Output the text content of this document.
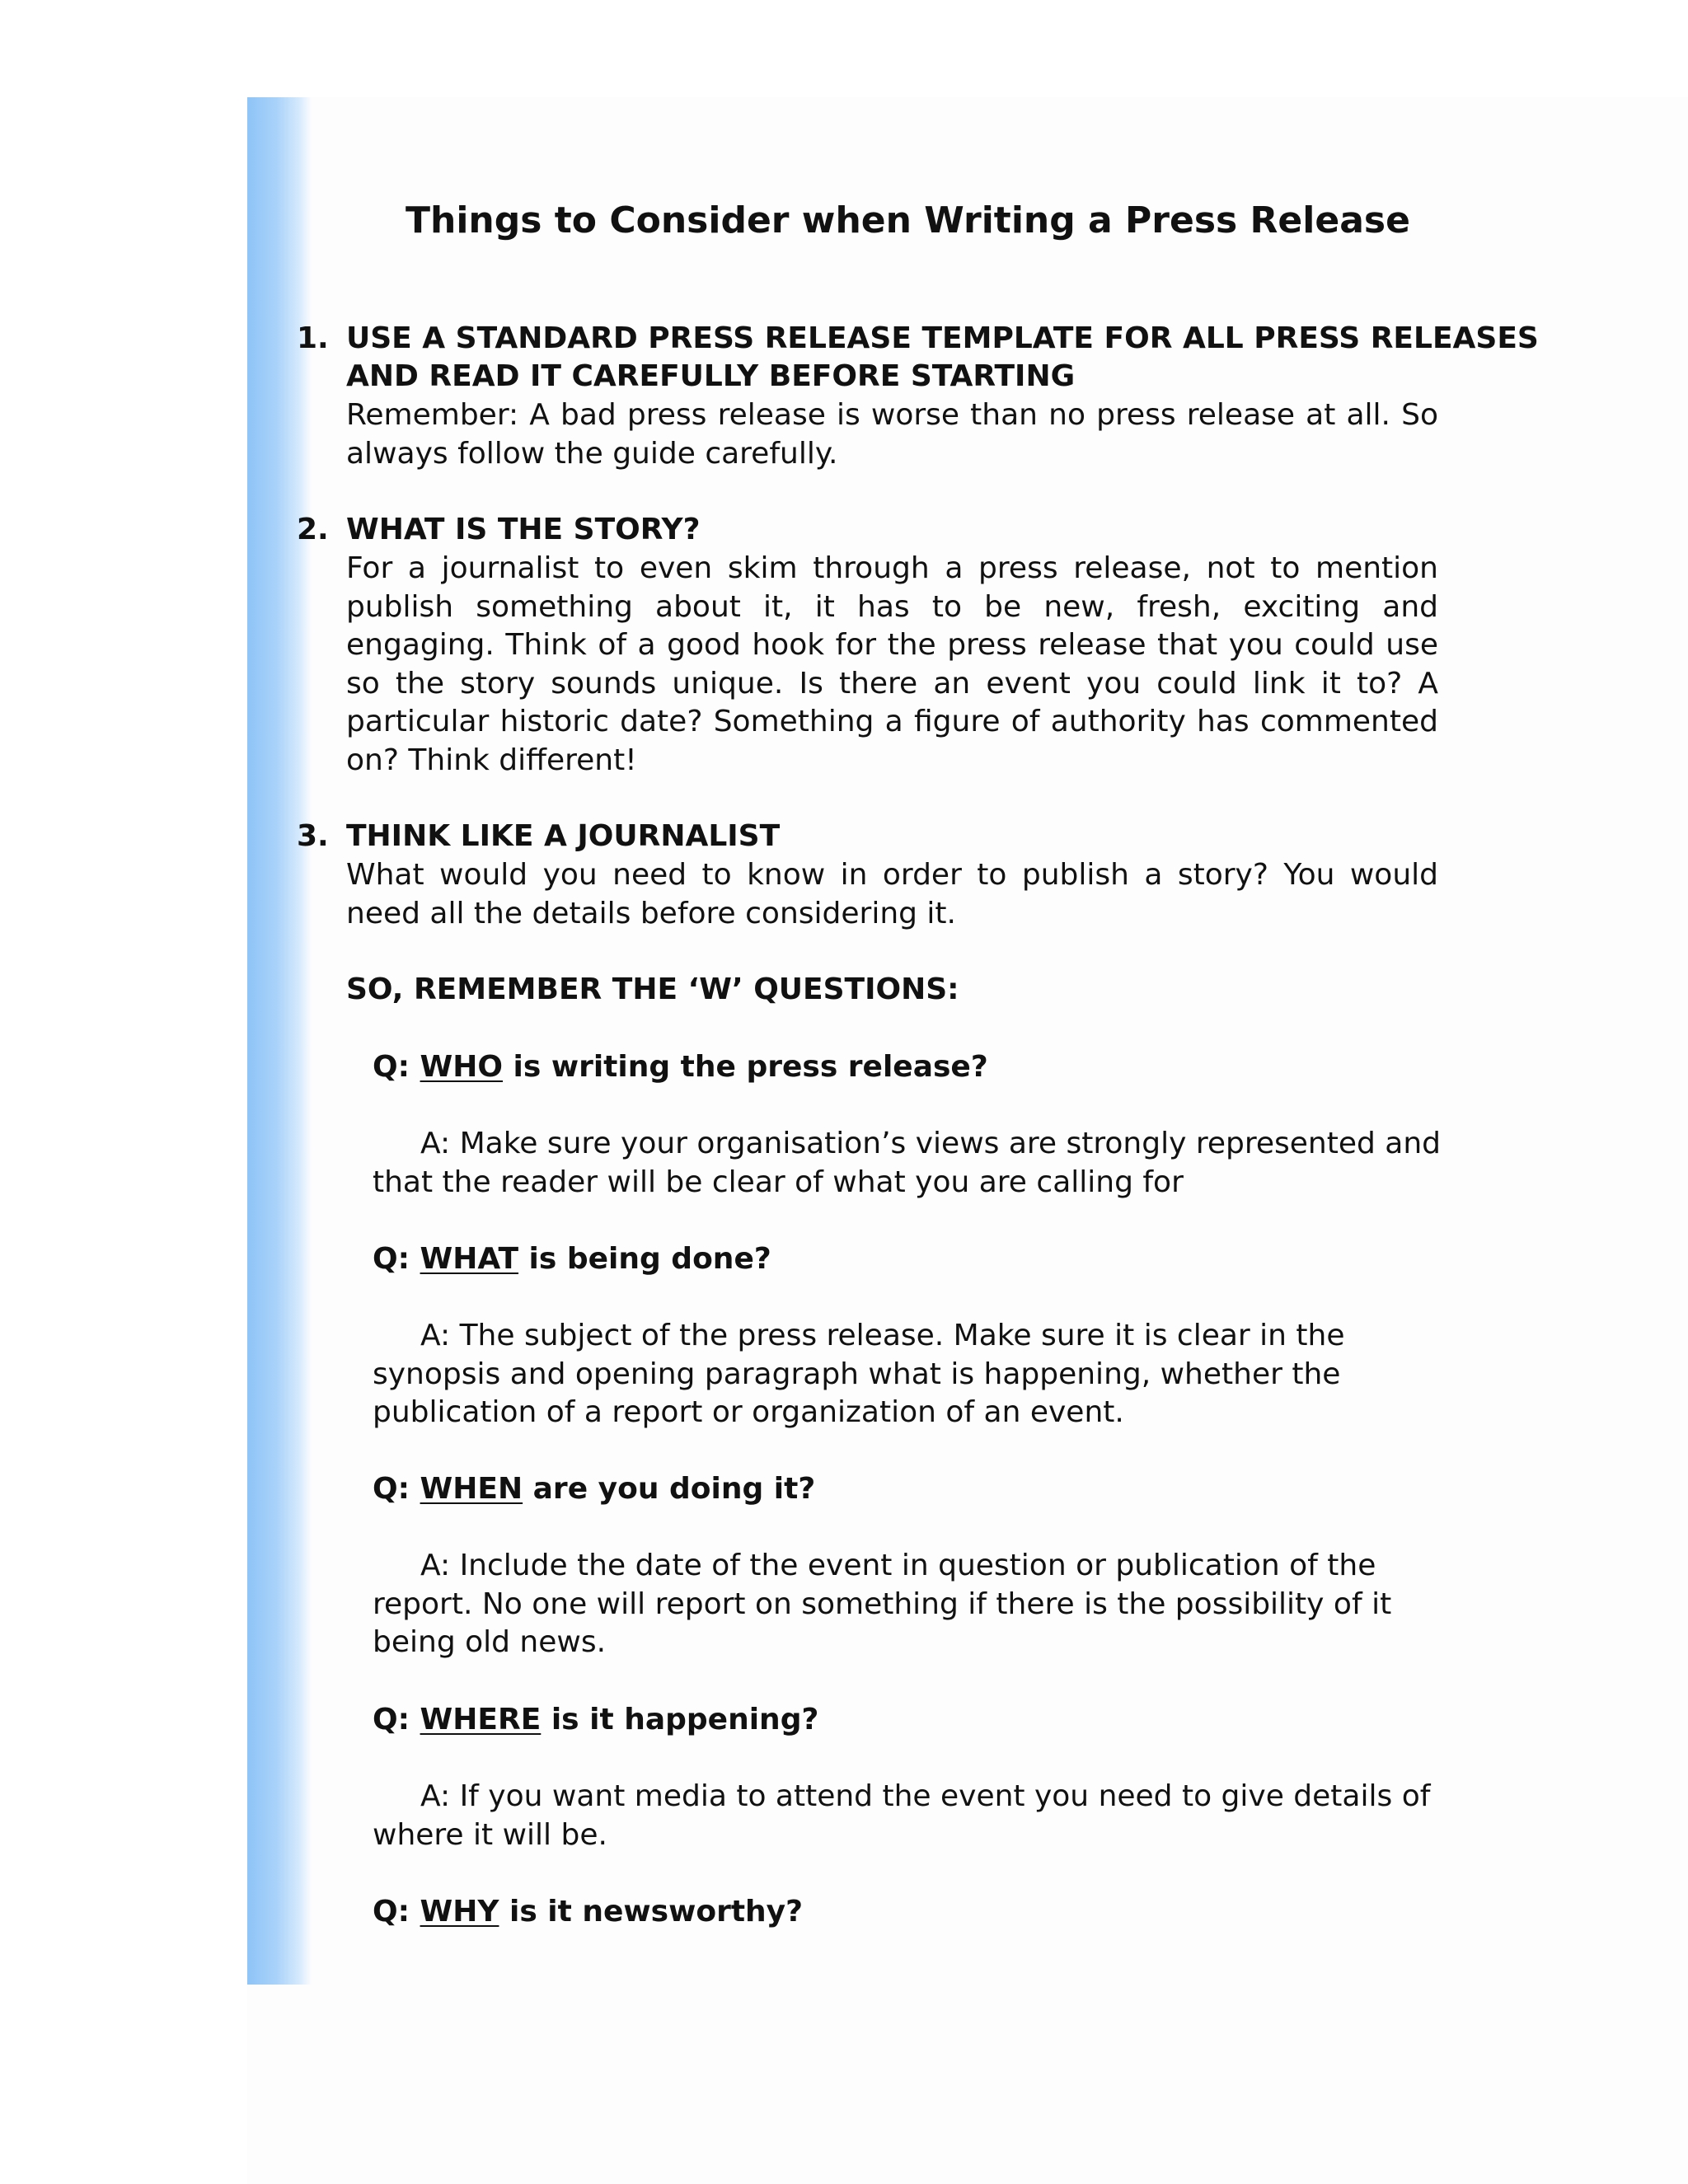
Things to Consider when Writing a Press Release

1. USE A STANDARD PRESS RELEASE TEMPLATE FOR ALL PRESS RELEASES

AND READ IT CAREFULLY BEFORE STARTING

Remember: A bad press release is worse than no press release at all. So always follow the guide carefully.

2. WHAT IS THE STORY?

For a journalist to even skim through a press release, not to mention publish something about it, it has to be new, fresh, exciting and engaging. Think of a good hook for the press release that you could use so the story sounds unique. Is there an event you could link it to? A particular historic date? Something a figure of authority has commented on? Think different!

3. THINK LIKE A JOURNALIST

What would you need to know in order to publish a story? You would need all the details before considering it.

SO, REMEMBER THE ‘W’ QUESTIONS:

Q: WHO is writing the press release?

A: Make sure your organisation’s views are strongly represented and that the reader will be clear of what you are calling for

Q: WHAT is being done?

A: The subject of the press release. Make sure it is clear in the synopsis and opening paragraph what is happening, whether the publication of a report or organization of an event.

Q: WHEN are you doing it?

A: Include the date of the event in question or publication of the report. No one will report on something if there is the possibility of it being old news.

Q: WHERE is it happening?

A: If you want media to attend the event you need to give details of where it will be.

Q: WHY is it newsworthy?
